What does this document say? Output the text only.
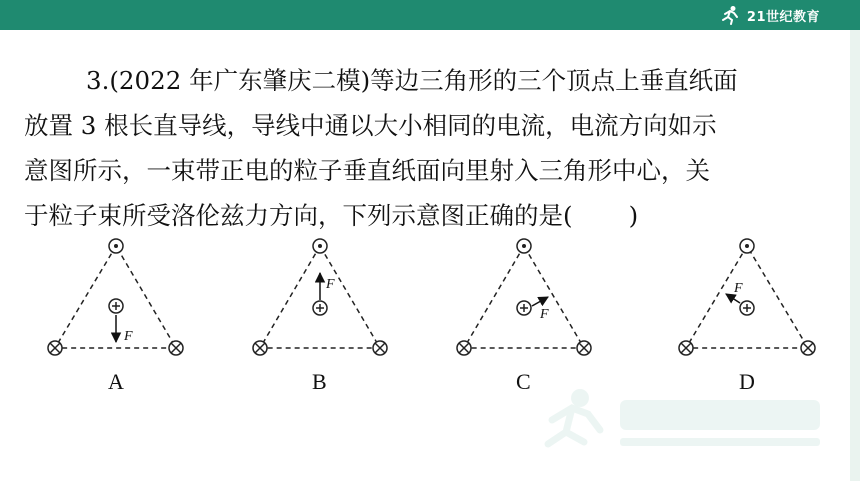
21世纪教育

3.(2022 年广东肇庆二模)等边三角形的三个顶点上垂直纸面

放置 3 根长直导线，导线中通以大小相同的电流，电流方向如示

意图所示，一束带正电的粒子垂直纸面向里射入三角形中心，关

于粒子束所受洛伦兹力方向，下列示意图正确的是( )

F
A
F
B
F
C
F
D
